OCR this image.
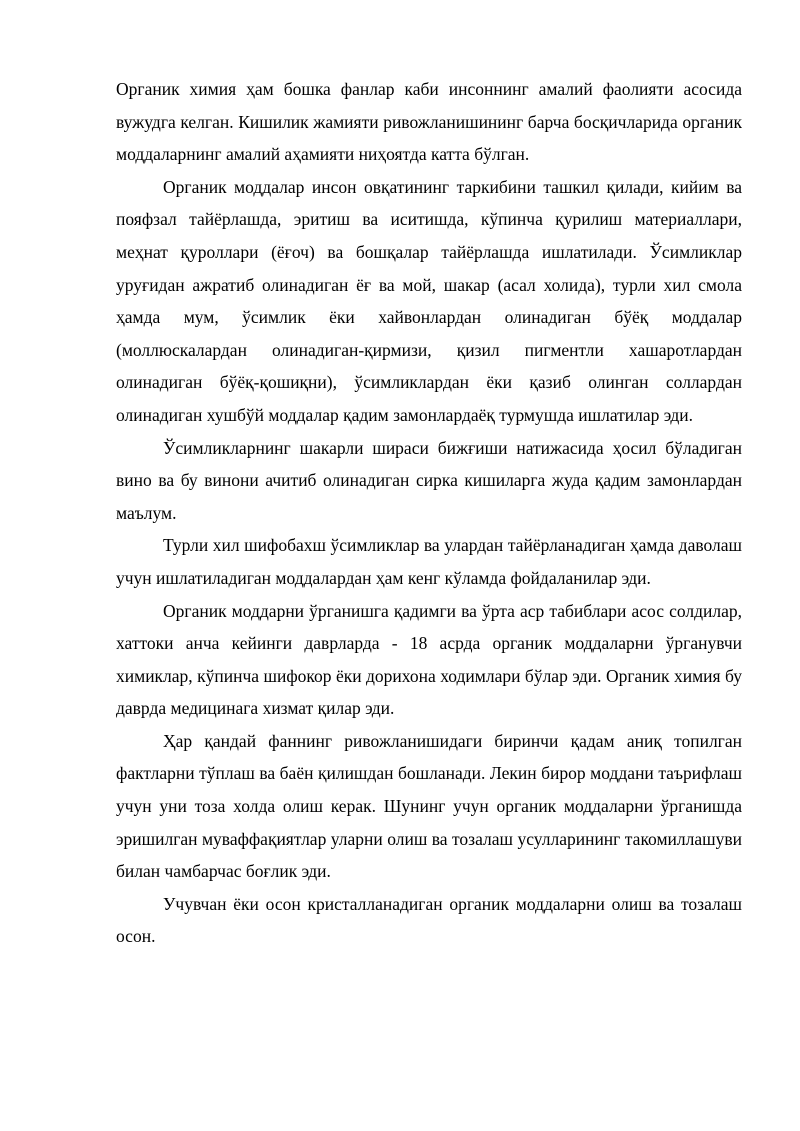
Органик химия ҳам бошка фанлар каби инсоннинг амалий фаолияти асосида вужудга келган. Кишилик жамияти ривожланишининг барча босқичларида органик моддаларнинг амалий аҳамияти ниҳоятда катта бўлган.

Органик моддалар инсон овқатининг таркибини ташкил қилади, кийим ва пояфзал тайёрлашда, эритиш ва иситишда, кўпинча қурилиш материаллари, меҳнат қуроллари (ёғоч) ва бошқалар тайёрлашда ишлатилади. Ўсимликлар уруғидан ажратиб олинадиган ёғ ва мой, шакар (асал холида), турли хил смола ҳамда мум, ўсимлик ёки хайвонлардан олинадиган бўёқ моддалар (моллюскалардан олинадиган-қирмизи, қизил пигментли хашаротлардан олинадиган бўёқ-қошиқни), ўсимликлардан ёки қазиб олинган соллардан олинадиган хушбўй моддалар қадим замонлардаёқ турмушда ишлатилар эди.

Ўсимликларнинг шакарли шираси бижғиши натижасида ҳосил бўладиган вино ва бу винони ачитиб олинадиган сирка кишиларга жуда қадим замонлардан маълум.

Турли хил шифобахш ўсимликлар ва улардан тайёрланадиган ҳамда даволаш учун ишлатиладиган моддалардан ҳам кенг кўламда фойдаланилар эди.

Органик моддарни ўрганишга қадимги ва ўрта аср табиблари асос солдилар, хаттоки анча кейинги даврларда - 18 асрда органик моддаларни ўрганувчи химиклар, кўпинча шифокор ёки дорихона ходимлари бўлар эди. Органик химия бу даврда медицинага хизмат қилар эди.

Ҳар қандай фаннинг ривожланишидаги биринчи қадам аниқ топилган фактларни тўплаш ва баён қилишдан бошланади. Лекин бирор моддани таърифлаш учун уни тоза холда олиш керак. Шунинг учун органик моддаларни ўрганишда эришилган муваффақиятлар уларни олиш ва тозалаш усулларининг такомиллашуви билан чамбарчас боғлик эди.

Учувчан ёки осон кристалланадиган органик моддаларни олиш ва тозалаш осон.
